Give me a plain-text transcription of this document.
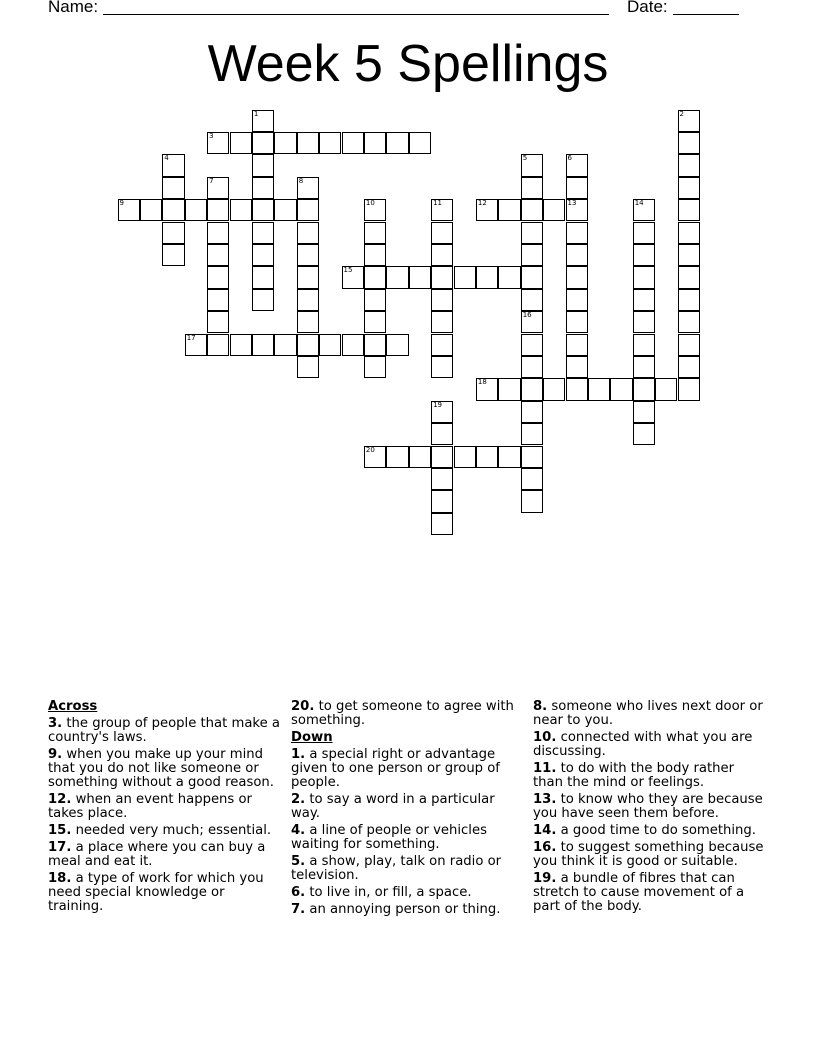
Name:	Date:
Week 5 Spellings
1	2
3
4	5
16
6
13
7	8
9	10	11	12	14
15
17
18
19
20
Across
3. the group of people that make a country's laws.
9. when you make up your mind that you do not like someone or something without a good reason.
12. when an event happens or takes place.
15. needed very much; essential.
17. a place where you can buy a meal and eat it.
18. a type of work for which you need special knowledge or training.
20. to get someone to agree with something.
Down
1. a special right or advantage given to one person or group of people.
2. to say a word in a particular way.
4. a line of people or vehicles waiting for something.
5. a show, play, talk on radio or television.
6. to live in, or fill, a space.
7. an annoying person or thing.
8. someone who lives next door or near to you.
10. connected with what you are discussing.
11. to do with the body rather than the mind or feelings.
13. to know who they are because you have seen them before.
14. a good time to do something.
16. to suggest something because you think it is good or suitable.
19. a bundle of fibres that can stretch to cause movement of a part of the body.
